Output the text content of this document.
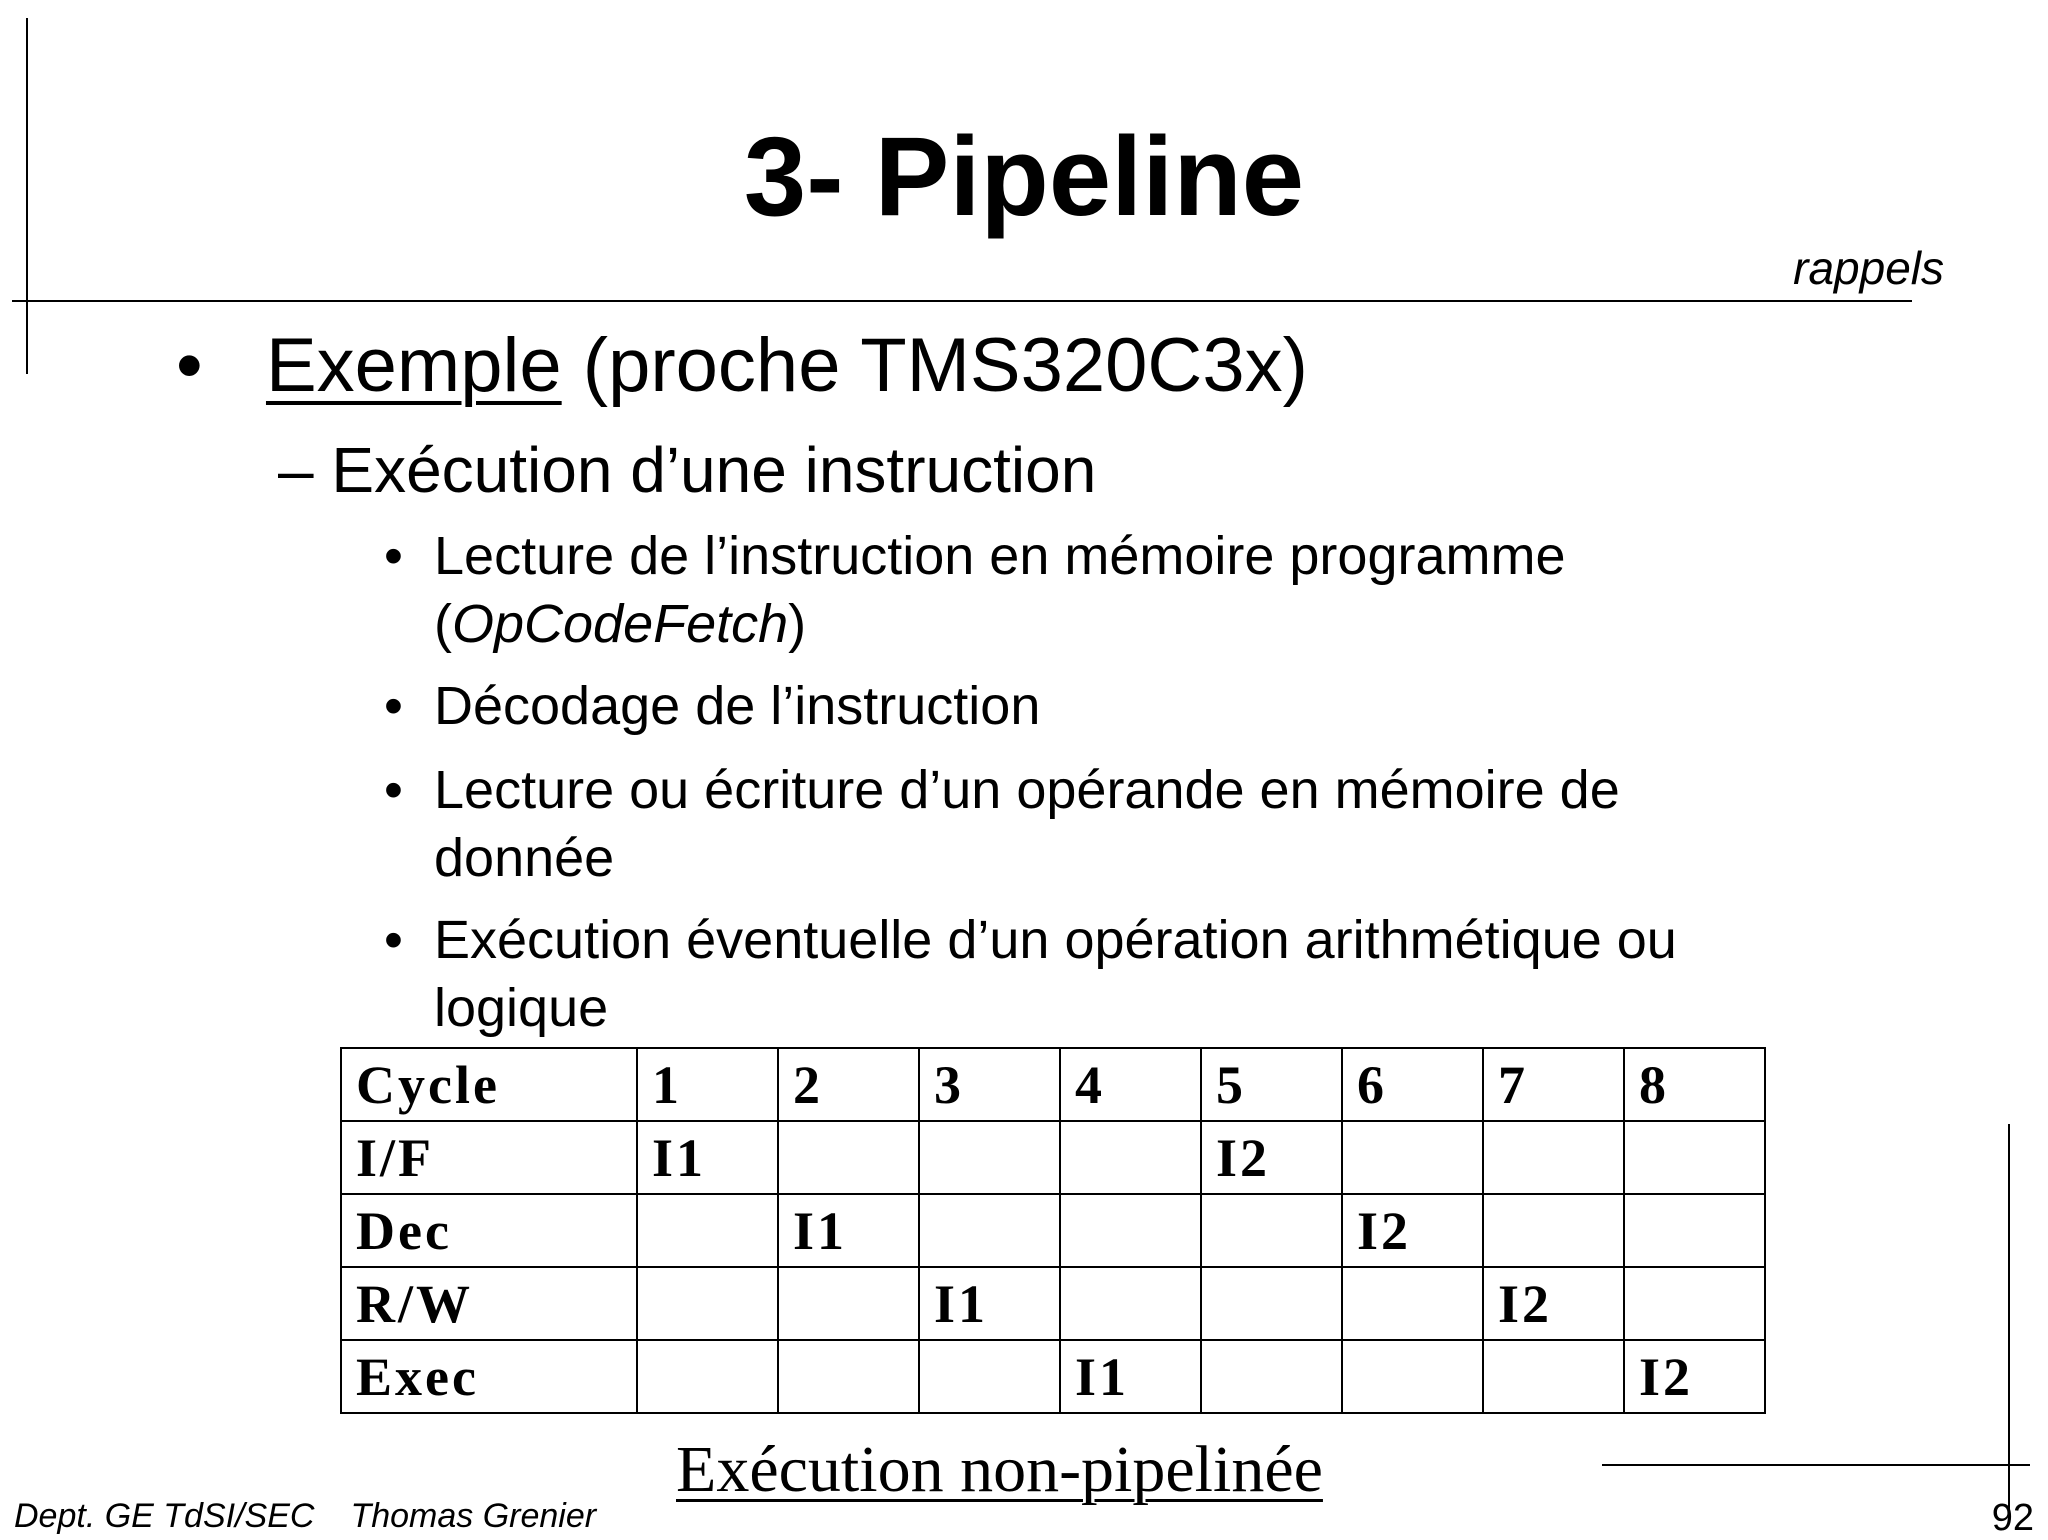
3- Pipeline
rappels
• Exemple (proche TMS320C3x)
– Exécution d’une instruction
• Lecture de l’instruction en mémoire programme
(OpCodeFetch)
• Décodage de l’instruction
• Lecture ou écriture d’un opérande en mémoire de
donnée
• Exécution éventuelle d’un opération arithmétique ou
logique
Cycle	1	2	3	4	5	6	7	8
I/F	I1				I2			
Dec		I1				I2		
R/W			I1				I2	
Exec				I1				I2
Exécution non-pipelinée
Dept. GE TdSI/SEC Thomas Grenier	92
